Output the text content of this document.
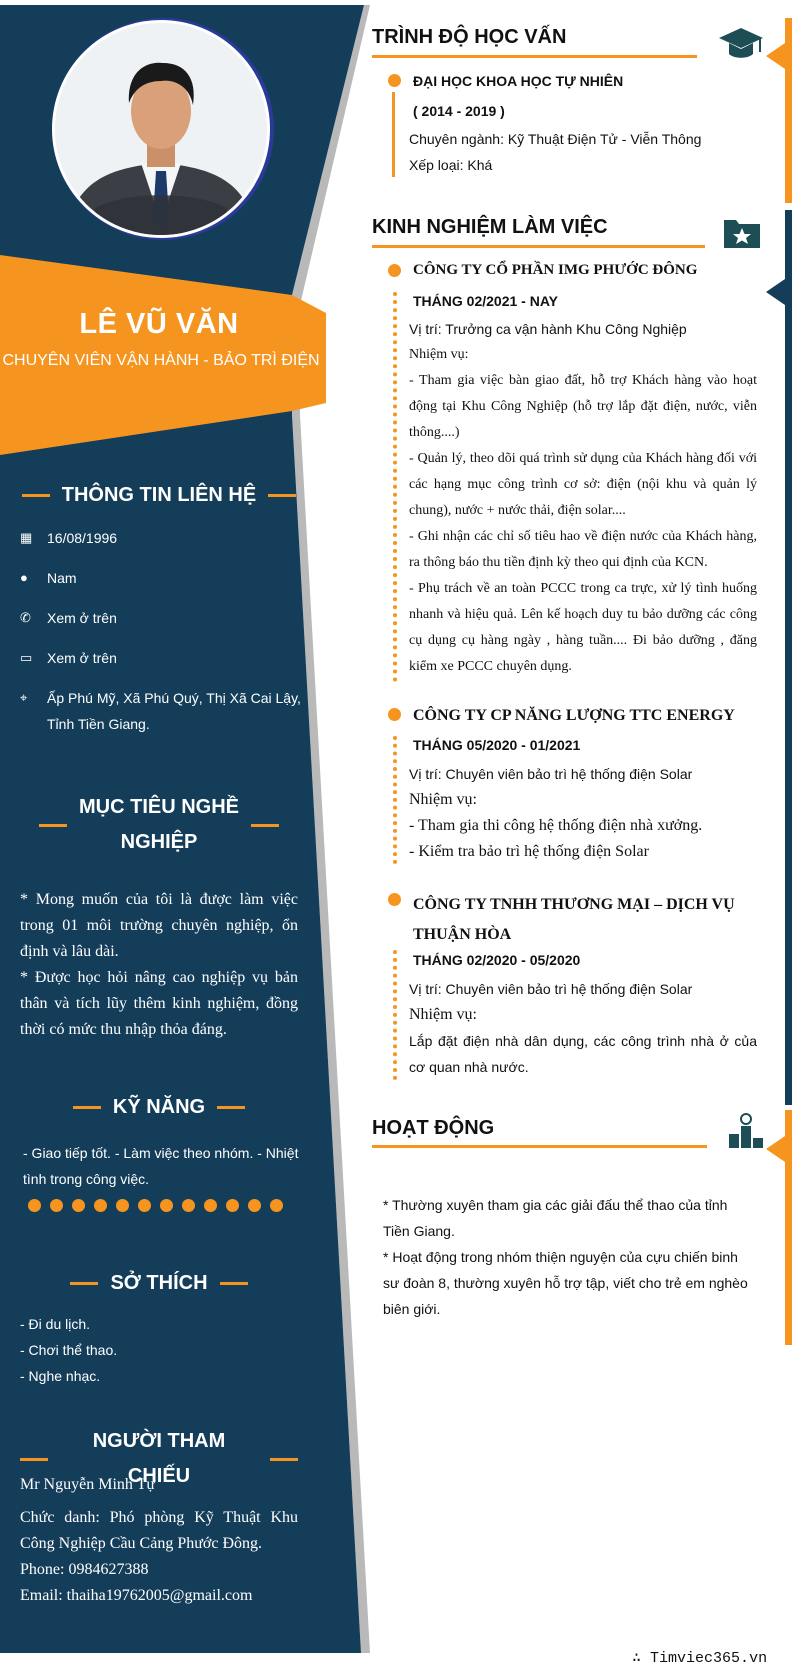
LÊ VŨ VĂN
CHUYÊN VIÊN VẬN HÀNH - BẢO TRÌ ĐIỆN
THÔNG TIN LIÊN HỆ
▦	16/08/1996
●	Nam
✆	Xem ở trên
▭	Xem ở trên
⌖	Ấp Phú Mỹ, Xã Phú Quý, Thị Xã Cai Lậy, Tỉnh Tiền Giang.
MỤC TIÊU NGHỀ
NGHIỆP
* Mong muốn của tôi là được làm việc trong 01 môi trường chuyên nghiệp, ổn định và lâu dài.
* Được học hỏi nâng cao nghiệp vụ bản thân và tích lũy thêm kinh nghiệm, đồng thời có mức thu nhập thỏa đáng.
KỸ NĂNG
- Giao tiếp tốt. - Làm việc theo nhóm. - Nhiệt tình trong công việc.
SỞ THÍCH
- Đi du lịch.
- Chơi thể thao.
- Nghe nhạc.
NGƯỜI THAM CHIẾU
Mr Nguyễn Minh Tự
Chức danh: Phó phòng Kỹ Thuật Khu Công Nghiệp Cầu Cảng Phước Đông.
Phone: 0984627388
Email: thaiha19762005@gmail.com
TRÌNH ĐỘ HỌC VẤN
ĐẠI HỌC KHOA HỌC TỰ NHIÊN
( 2014 - 2019 )
Chuyên ngành: Kỹ Thuật Điện Tử - Viễn Thông
Xếp loại: Khá
KINH NGHIỆM LÀM VIỆC
CÔNG TY CỔ PHẦN IMG PHƯỚC ĐÔNG
THÁNG 02/2021 - NAY
Vị trí: Trưởng ca vận hành Khu Công Nghiệp
Nhiệm vụ:
- Tham gia việc bàn giao đất, hỗ trợ Khách hàng vào hoạt động tại Khu Công Nghiệp (hỗ trợ lắp đặt điện, nước, viễn thông....)
- Quản lý, theo dõi quá trình sử dụng của Khách hàng đối với các hạng mục công trình cơ sở: điện (nội khu và quản lý chung), nước + nước thải, điện solar....
- Ghi nhận các chỉ số tiêu hao về điện nước của Khách hàng, ra thông báo thu tiền định kỳ theo qui định của KCN.
- Phụ trách về an toàn PCCC trong ca trực, xử lý tình huống nhanh và hiệu quả. Lên kế hoạch duy tu bảo dưỡng các công cụ dụng cụ hàng ngày , hàng tuần.... Đi bảo dưỡng , đăng kiểm xe PCCC chuyên dụng.
CÔNG TY CP NĂNG LƯỢNG TTC ENERGY
THÁNG 05/2020 - 01/2021
Vị trí: Chuyên viên bảo trì hệ thống điện Solar
Nhiệm vụ:
- Tham gia thi công hệ thống điện nhà xưởng.
- Kiểm tra bảo trì hệ thống điện Solar
CÔNG TY TNHH THƯƠNG MẠI – DỊCH VỤ THUẬN HÒA
THÁNG 02/2020 - 05/2020
Vị trí: Chuyên viên bảo trì hệ thống điện Solar
Nhiệm vụ:
Lắp đặt điện nhà dân dụng, các công trình nhà ở của cơ quan nhà nước.
HOẠT ĐỘNG
* Thường xuyên tham gia các giải đấu thể thao của tỉnh Tiền Giang.
* Hoạt động trong nhóm thiện nguyện của cựu chiến binh sư đoàn 8, thường xuyên hỗ trợ tập, viết cho trẻ em nghèo biên giới.
∴ Timviec365.vn
